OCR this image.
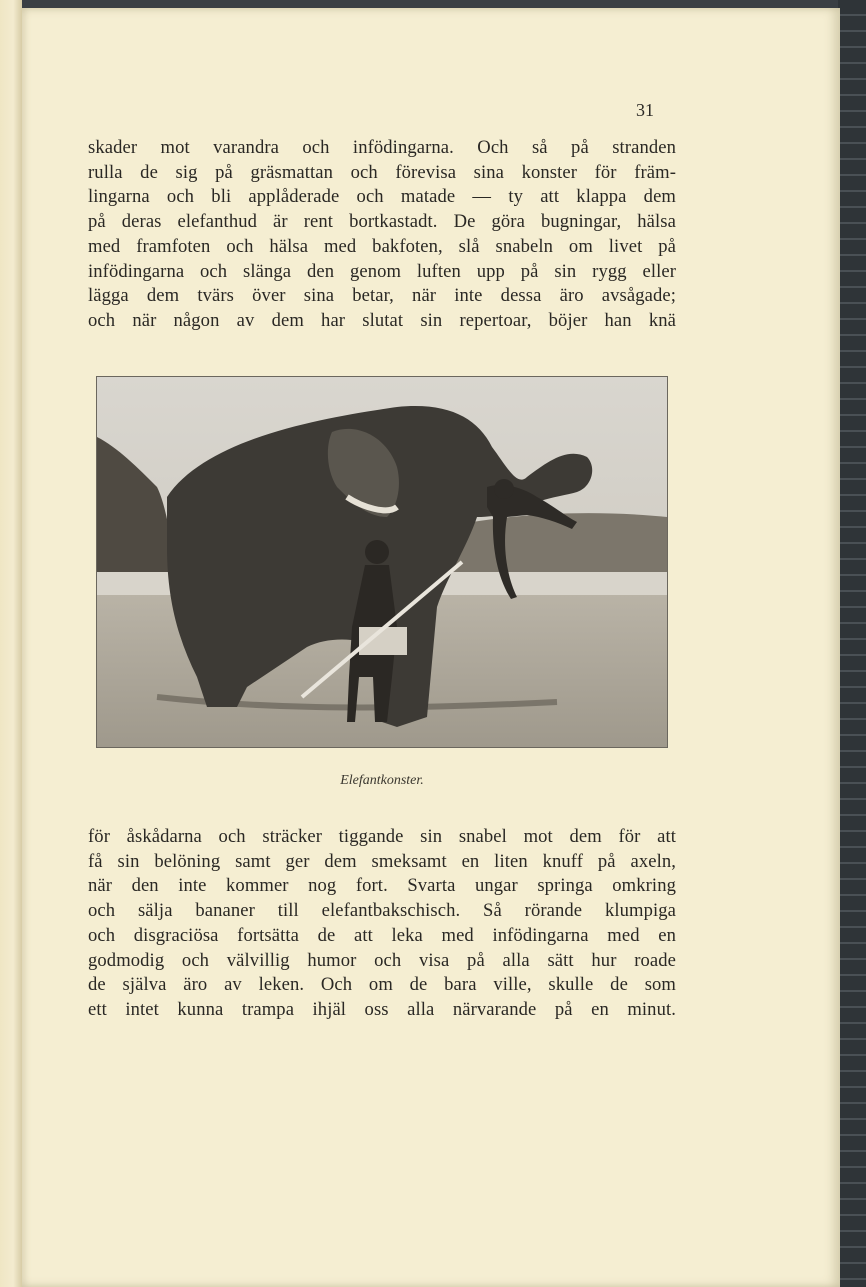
31
skader mot varandra och infödingarna. Och så på stranden
rulla de sig på gräsmattan och förevisa sina konster för främ-
lingarna och bli applåderade och matade — ty att klappa dem
på deras elefanthud är rent bortkastadt. De göra bugningar, hälsa
med framfoten och hälsa med bakfoten, slå snabeln om livet på
infödingarna och slänga den genom luften upp på sin rygg eller
lägga dem tvärs över sina betar, när inte dessa äro avsågade;
och när någon av dem har slutat sin repertoar, böjer han knä
Elefantkonster.
för åskådarna och sträcker tiggande sin snabel mot dem för att
få sin belöning samt ger dem smeksamt en liten knuff på axeln,
när den inte kommer nog fort. Svarta ungar springa omkring
och sälja bananer till elefantbakschisch. Så rörande klumpiga
och disgraciösa fortsätta de att leka med infödingarna med en
godmodig och välvillig humor och visa på alla sätt hur roade
de själva äro av leken. Och om de bara ville, skulle de som
ett intet kunna trampa ihjäl oss alla närvarande på en minut.
